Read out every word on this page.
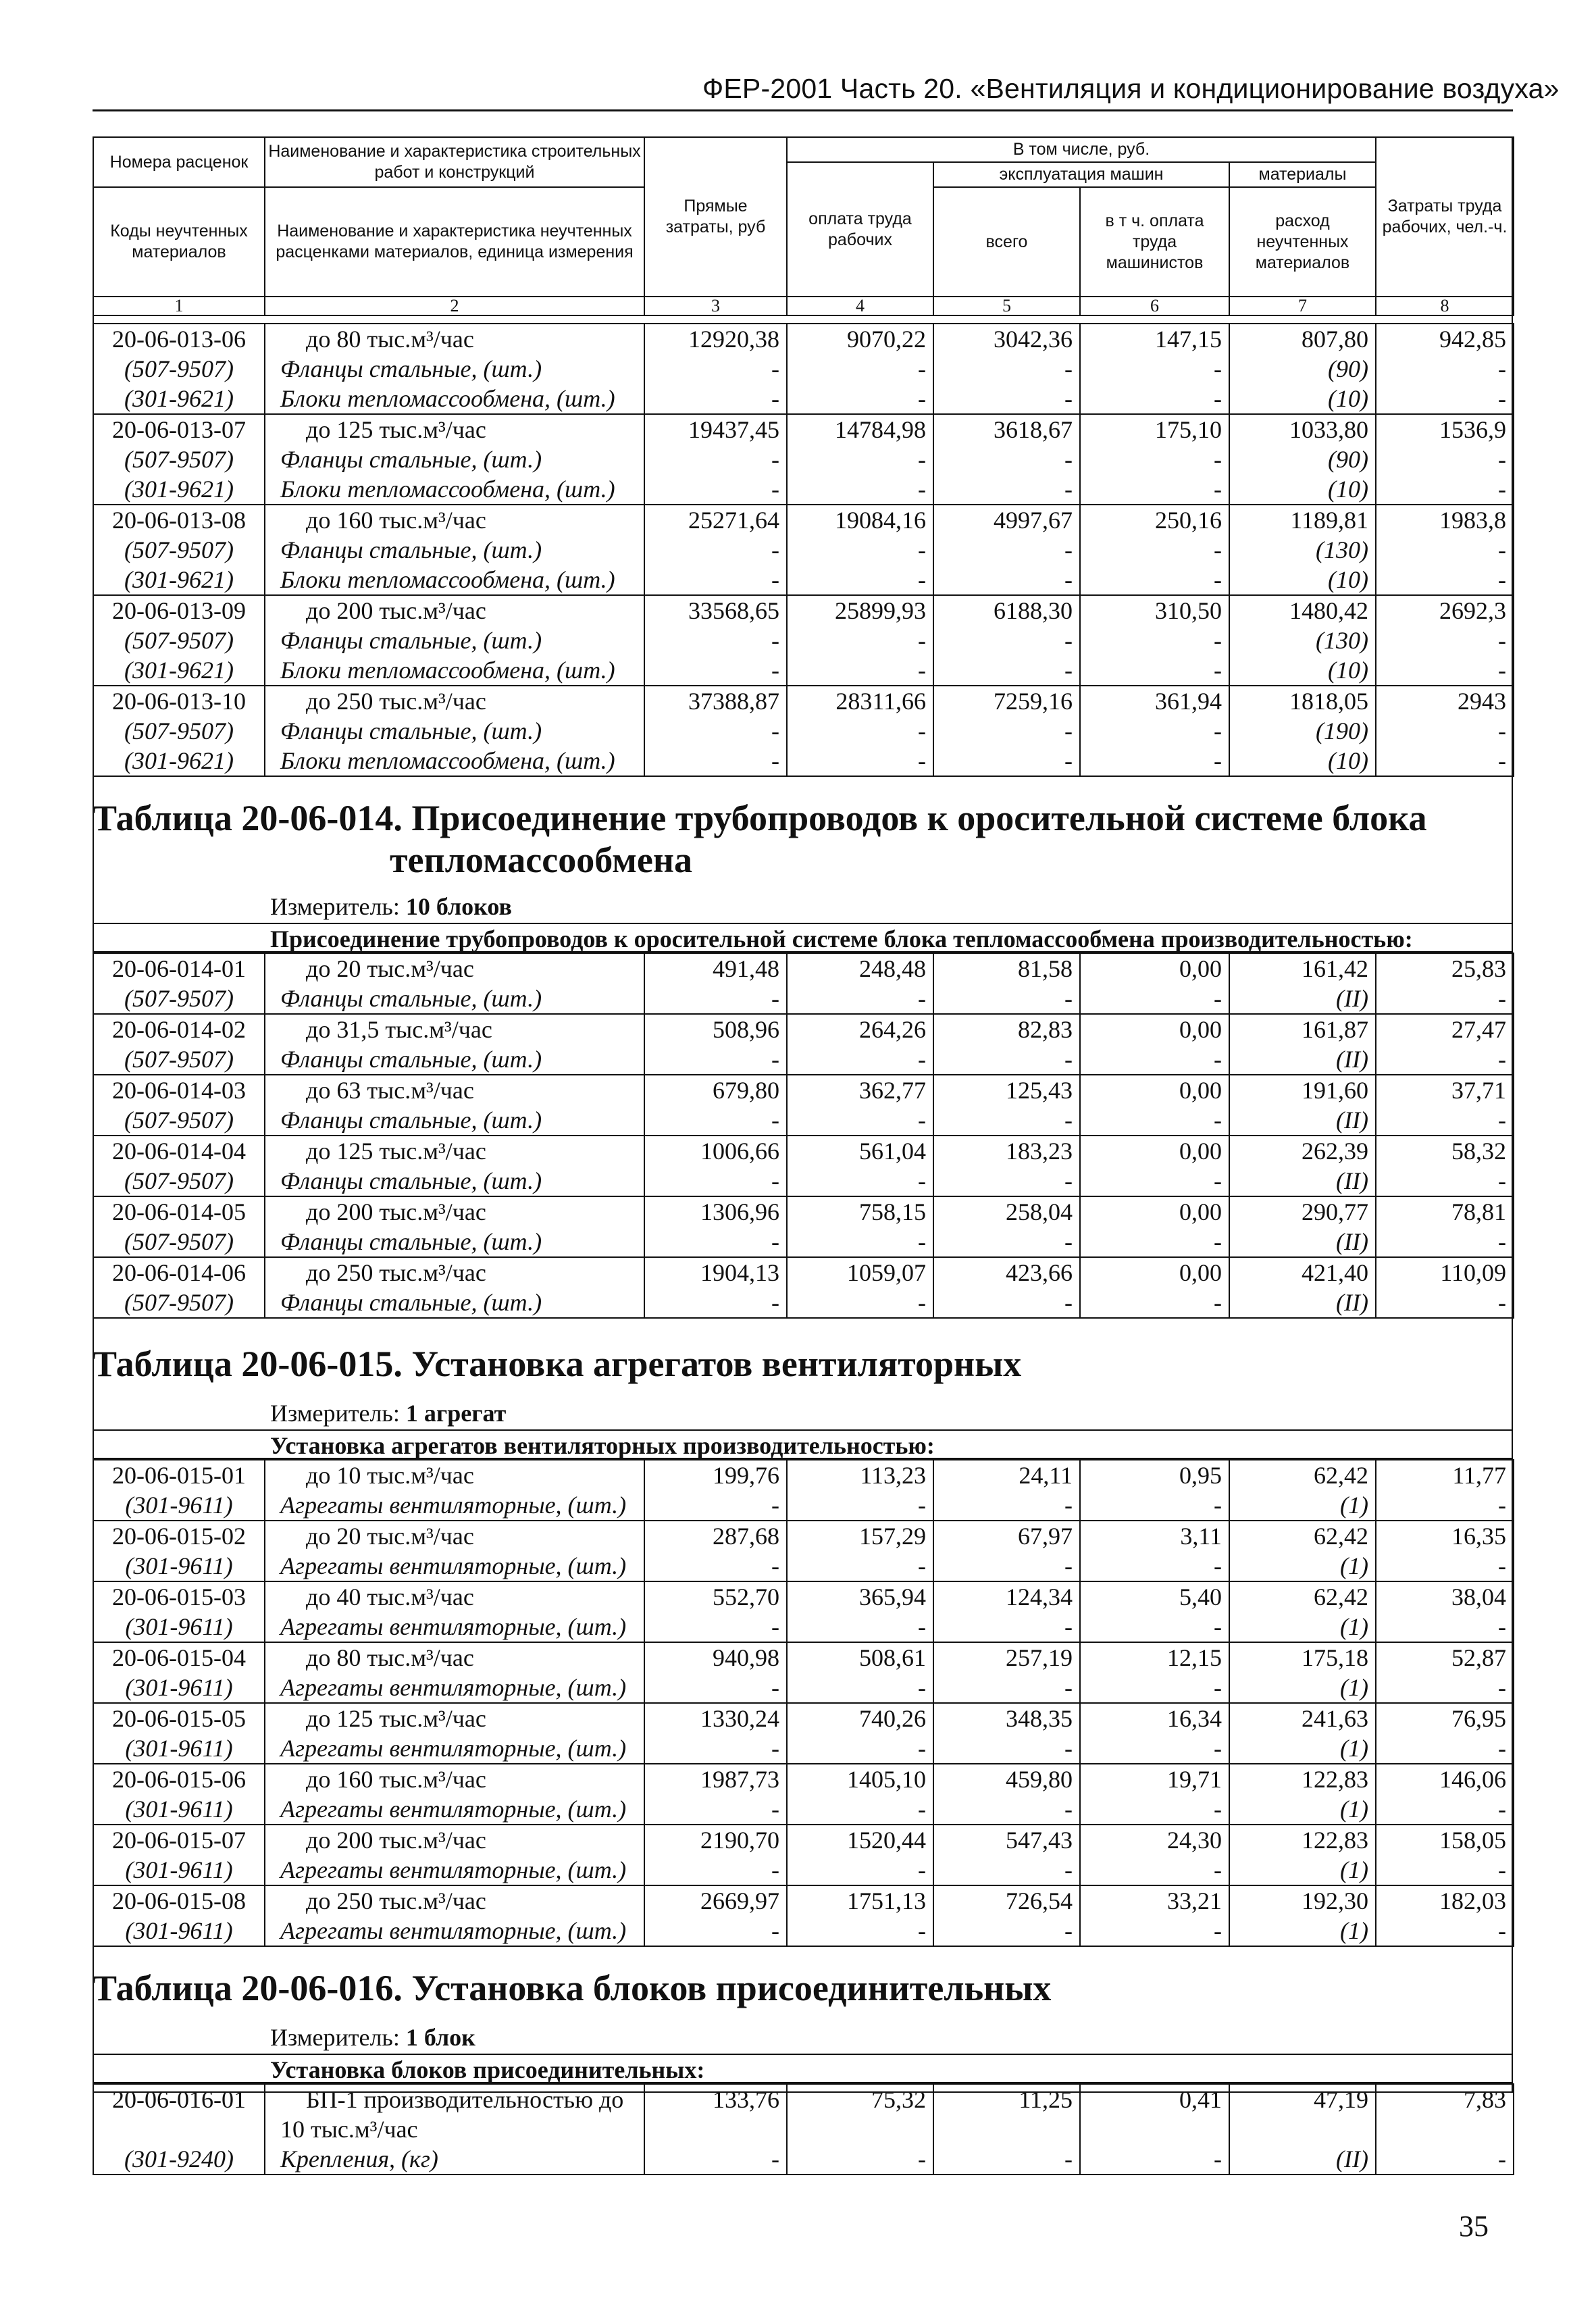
ФЕР-2001 Часть 20. «Вентиляция и кондиционирование воздуха»
Номера расценок	Наименование и характеристика строительных работ и конструкций	Прямые затраты, руб	В том числе, руб.				Затраты труда рабочих, чел.-ч.
			оплата труда рабочих	эксплуатация машин		материалы	
Коды неучтенных материалов	Наименование и характеристика неучтенных расценками материалов, единица измерения			всего	в т ч. оплата труда машинистов	расход неучтенных материалов	

1	2	3	4	5	6	7	8
20-06-013-06	до 80 тыс.м³/час	12920,38	9070,22	3042,36	147,15	807,80	942,85
(507-9507)	Фланцы стальные, (шт.)	-	-	-	-	(90)	-
(301-9621)	Блоки тепломассообмена, (шт.)	-	-	-	-	(10)	-
20-06-013-07	до 125 тыс.м³/час	19437,45	14784,98	3618,67	175,10	1033,80	1536,9
(507-9507)	Фланцы стальные, (шт.)	-	-	-	-	(90)	-
(301-9621)	Блоки тепломассообмена, (шт.)	-	-	-	-	(10)	-
20-06-013-08	до 160 тыс.м³/час	25271,64	19084,16	4997,67	250,16	1189,81	1983,8
(507-9507)	Фланцы стальные, (шт.)	-	-	-	-	(130)	-
(301-9621)	Блоки тепломассообмена, (шт.)	-	-	-	-	(10)	-
20-06-013-09	до 200 тыс.м³/час	33568,65	25899,93	6188,30	310,50	1480,42	2692,3
(507-9507)	Фланцы стальные, (шт.)	-	-	-	-	(130)	-
(301-9621)	Блоки тепломассообмена, (шт.)	-	-	-	-	(10)	-
20-06-013-10	до 250 тыс.м³/час	37388,87	28311,66	7259,16	361,94	1818,05	2943
(507-9507)	Фланцы стальные, (шт.)	-	-	-	-	(190)	-
(301-9621)	Блоки тепломассообмена, (шт.)	-	-	-	-	(10)	-
Таблица 20-06-014. Присоединение трубопроводов к оросительной системе блока
тепломассообмена
Измеритель: 10 блоков
Присоединение трубопроводов к оросительной системе блока тепломассообмена производительностью:
20-06-014-01	до 20 тыс.м³/час	491,48	248,48	81,58	0,00	161,42	25,83
(507-9507)	Фланцы стальные, (шт.)	-	-	-	-	(II)	-
20-06-014-02	до 31,5 тыс.м³/час	508,96	264,26	82,83	0,00	161,87	27,47
(507-9507)	Фланцы стальные, (шт.)	-	-	-	-	(II)	-
20-06-014-03	до 63 тыс.м³/час	679,80	362,77	125,43	0,00	191,60	37,71
(507-9507)	Фланцы стальные, (шт.)	-	-	-	-	(II)	-
20-06-014-04	до 125 тыс.м³/час	1006,66	561,04	183,23	0,00	262,39	58,32
(507-9507)	Фланцы стальные, (шт.)	-	-	-	-	(II)	-
20-06-014-05	до 200 тыс.м³/час	1306,96	758,15	258,04	0,00	290,77	78,81
(507-9507)	Фланцы стальные, (шт.)	-	-	-	-	(II)	-
20-06-014-06	до 250 тыс.м³/час	1904,13	1059,07	423,66	0,00	421,40	110,09
(507-9507)	Фланцы стальные, (шт.)	-	-	-	-	(II)	-
Таблица 20-06-015. Установка агрегатов вентиляторных
Измеритель: 1 агрегат
Установка агрегатов вентиляторных производительностью:
20-06-015-01	до 10 тыс.м³/час	199,76	113,23	24,11	0,95	62,42	11,77
(301-9611)	Агрегаты вентиляторные, (шт.)	-	-	-	-	(1)	-
20-06-015-02	до 20 тыс.м³/час	287,68	157,29	67,97	3,11	62,42	16,35
(301-9611)	Агрегаты вентиляторные, (шт.)	-	-	-	-	(1)	-
20-06-015-03	до 40 тыс.м³/час	552,70	365,94	124,34	5,40	62,42	38,04
(301-9611)	Агрегаты вентиляторные, (шт.)	-	-	-	-	(1)	-
20-06-015-04	до 80 тыс.м³/час	940,98	508,61	257,19	12,15	175,18	52,87
(301-9611)	Агрегаты вентиляторные, (шт.)	-	-	-	-	(1)	-
20-06-015-05	до 125 тыс.м³/час	1330,24	740,26	348,35	16,34	241,63	76,95
(301-9611)	Агрегаты вентиляторные, (шт.)	-	-	-	-	(1)	-
20-06-015-06	до 160 тыс.м³/час	1987,73	1405,10	459,80	19,71	122,83	146,06
(301-9611)	Агрегаты вентиляторные, (шт.)	-	-	-	-	(1)	-
20-06-015-07	до 200 тыс.м³/час	2190,70	1520,44	547,43	24,30	122,83	158,05
(301-9611)	Агрегаты вентиляторные, (шт.)	-	-	-	-	(1)	-
20-06-015-08	до 250 тыс.м³/час	2669,97	1751,13	726,54	33,21	192,30	182,03
(301-9611)	Агрегаты вентиляторные, (шт.)	-	-	-	-	(1)	-
Таблица 20-06-016. Установка блоков присоединительных
Измеритель: 1 блок
Установка блоков присоединительных:
20-06-016-01	БП-1 производительностью до	133,76	75,32	11,25	0,41	47,19	7,83
	10 тыс.м³/час						
(301-9240)	Крепления, (кг)	-	-	-	-	(II)	-
35
